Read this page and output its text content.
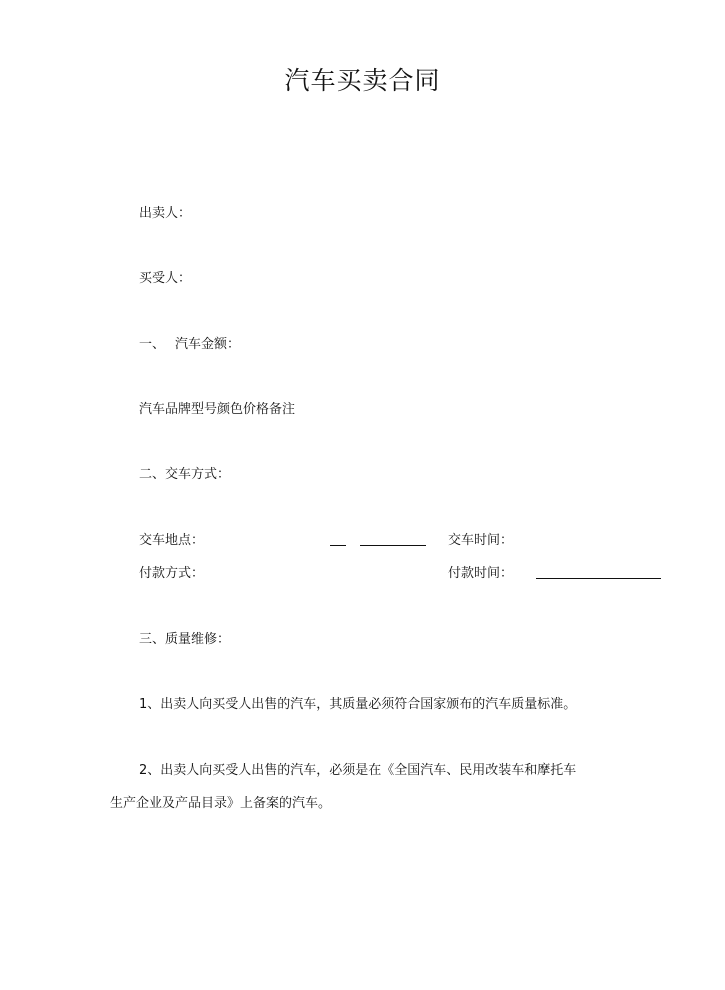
汽车买卖合同
出卖人：
买受人：
一、 汽车金额：
汽车品牌型号颜色价格备注
二、交车方式：
交车地点：	交车时间：
付款方式：	付款时间：
三、质量维修：
1、出卖人向买受人出售的汽车，其质量必须符合国家颁布的汽车质量标准。
2、出卖人向买受人出售的汽车，必须是在《全国汽车、民用改装车和摩托车
生产企业及产品目录》上备案的汽车。
